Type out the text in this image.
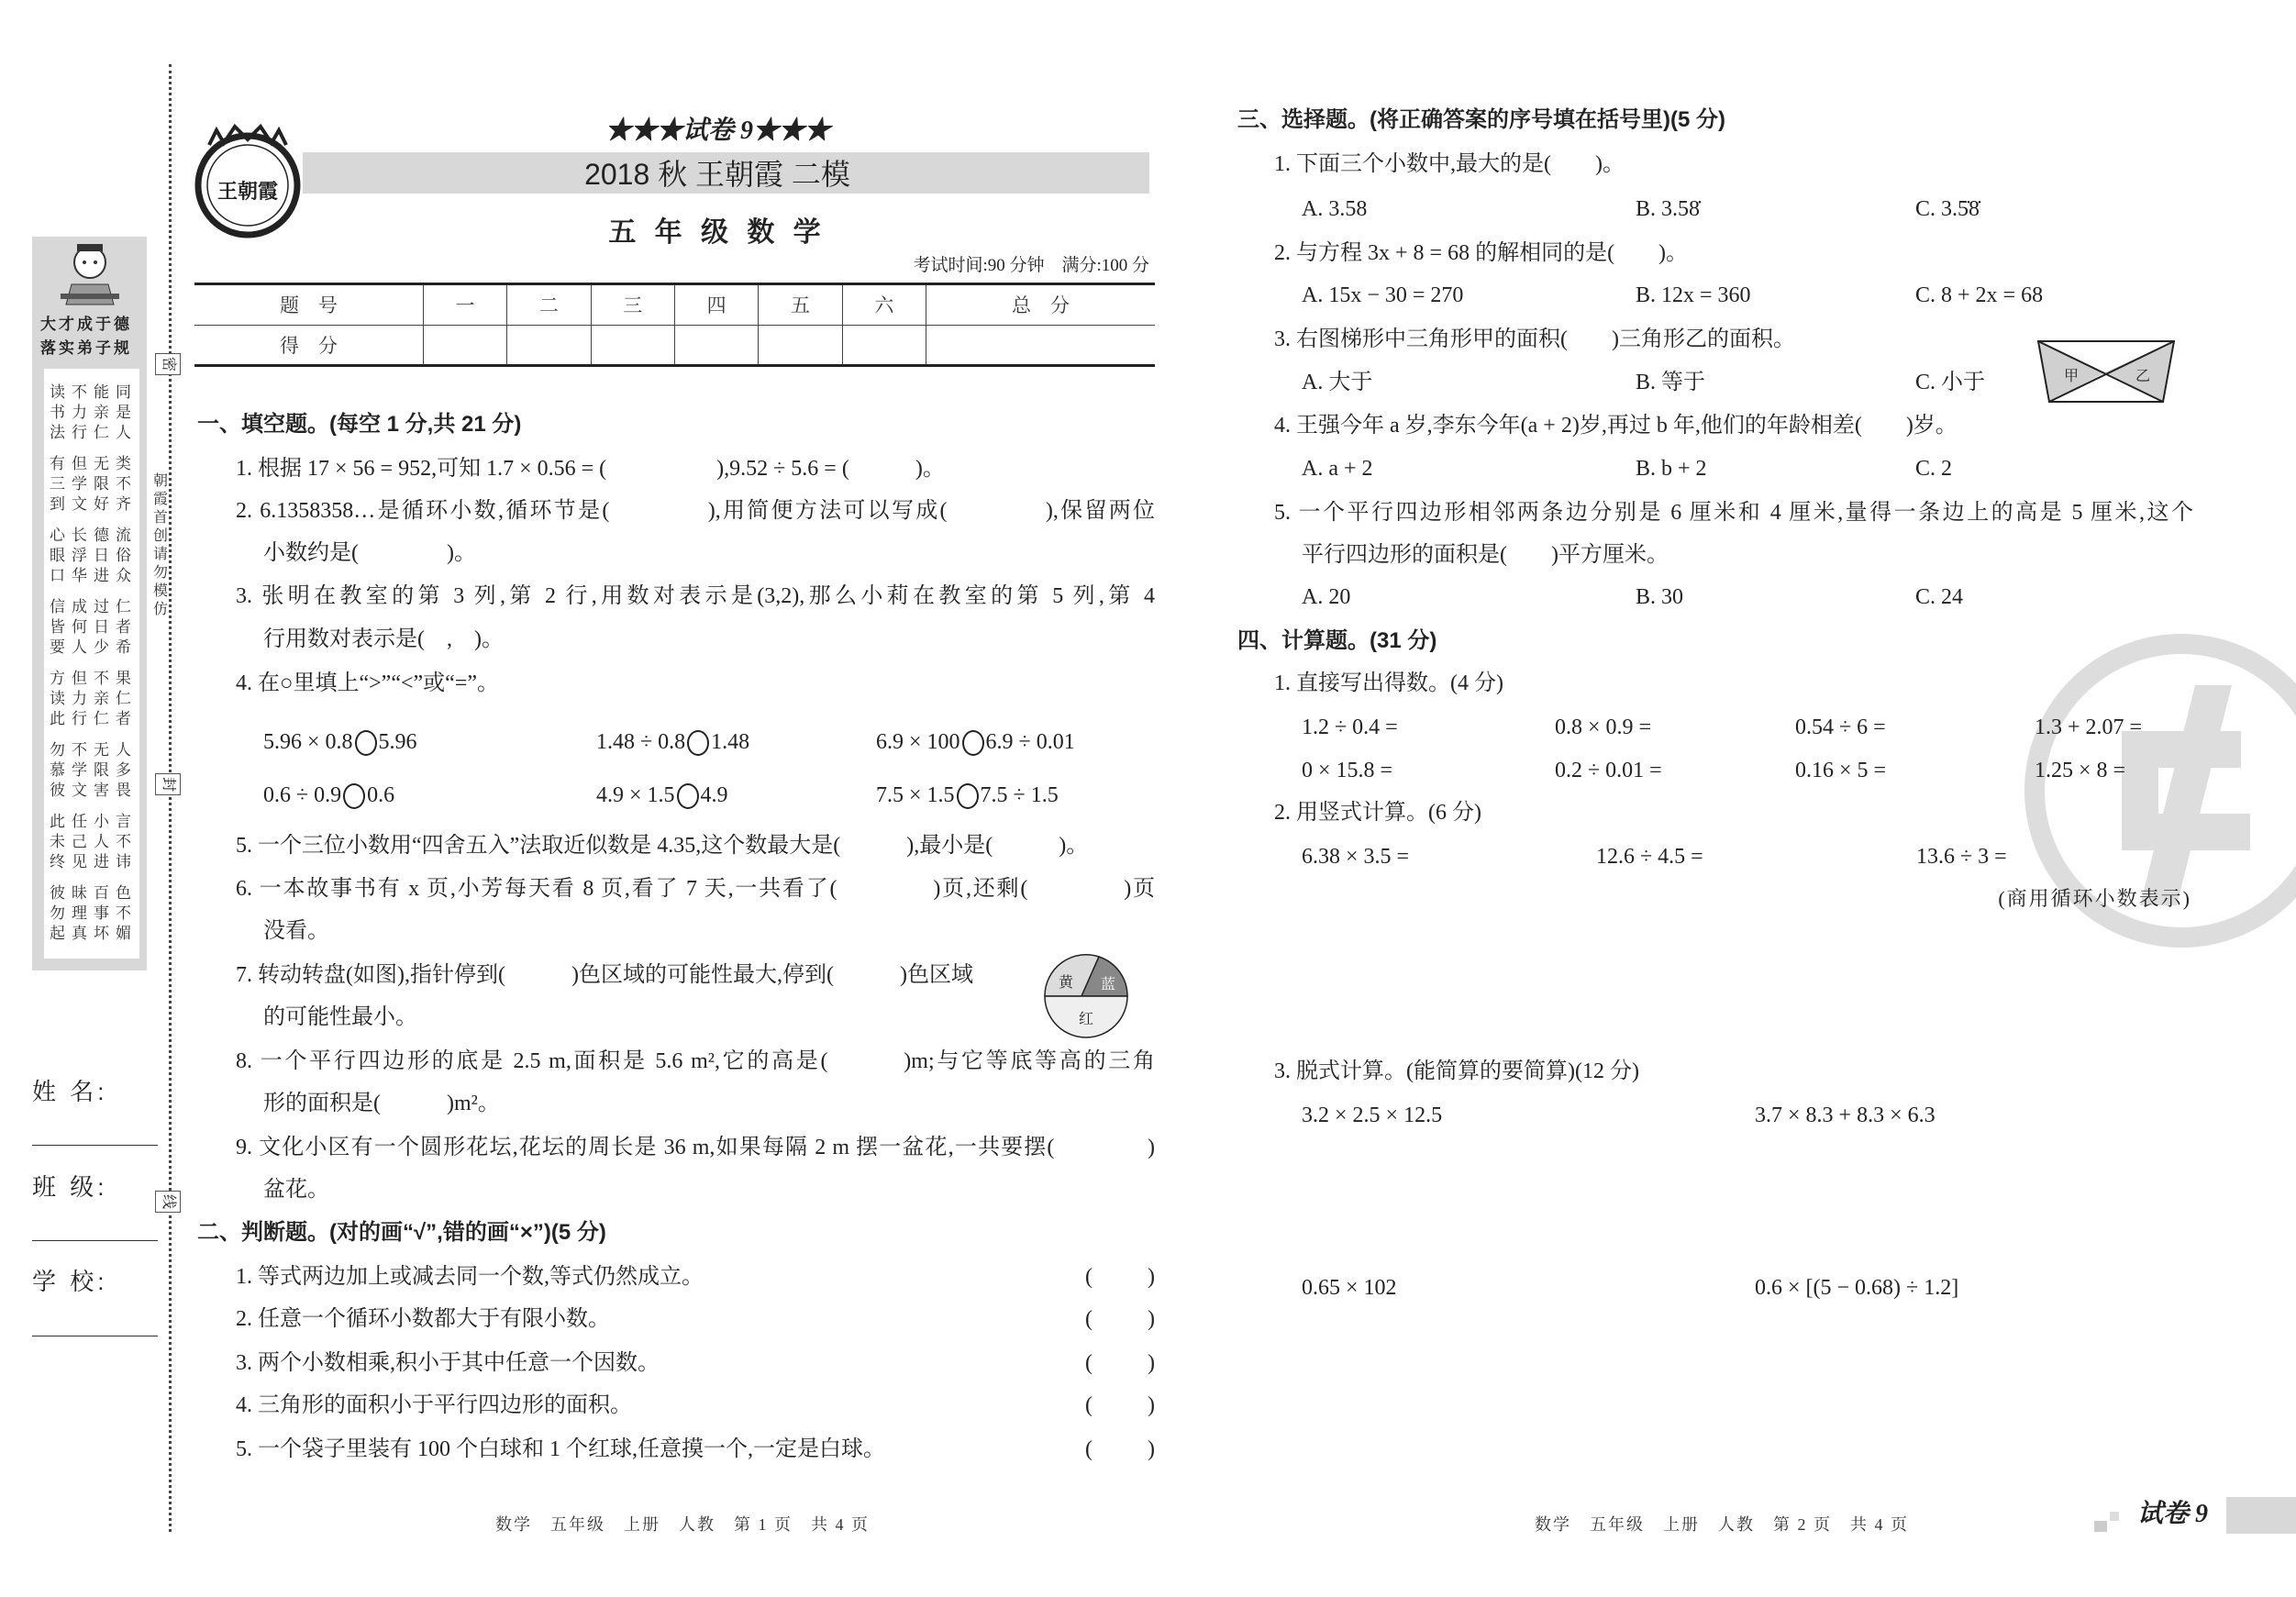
密
封
线
朝霞首创 请勿模仿
大才成于德
落实弟子规
读不能同
书力亲是
法行仁人
有但无类
三学限不
到文好齐
心长德流
眼浮日俗
口华进众
信成过仁
皆何日者
要人少希
方但不果
读力亲仁
此行仁者
勿不无人
慕学限多
彼文害畏
此任小言
未己人不
终见进讳
彼昧百色
勿理事不
起真坏媚
姓 名:
班 级:
学 校:
王朝霞
★★★试卷 9★★★
2018 秋 王朝霞 二模
五 年 级 数 学
考试时间:90 分钟　满分:100 分
题　号	一	二	三	四	五	六	总　分
得　分							
一、填空题。(每空 1 分,共 21 分)
1. 根据 17 × 56 = 952,可知 1.7 × 0.56 = (　　　　　),9.52 ÷ 5.6 = (　　　)。
2. 6.1358358…是循环小数,循环节是(　　　　),用简便方法可以写成(　　　　),保留两位
小数约是(　　　　)。
3. 张明在教室的第 3 列,第 2 行,用数对表示是(3,2),那么小莉在教室的第 5 列,第 4
行用数对表示是(　,　)。
4. 在○里填上“>”“<”或“=”。
5.96 × 0.8 5.96	1.48 ÷ 0.8 1.48	6.9 × 100 6.9 ÷ 0.01
0.6 ÷ 0.9 0.6	4.9 × 1.5 4.9	7.5 × 1.5 7.5 ÷ 1.5
5. 一个三位小数用“四舍五入”法取近似数是 4.35,这个数最大是(　　　),最小是(　　　)。
6. 一本故事书有 x 页,小芳每天看 8 页,看了 7 天,一共看了(　　　　)页,还剩(　　　　)页
没看。
7. 转动转盘(如图),指针停到(　　　)色区域的可能性最大,停到(　　　)色区域
的可能性最小。
黄 蓝
红
8. 一个平行四边形的底是 2.5 m,面积是 5.6 m²,它的高是(　　　)m;与它等底等高的三角
形的面积是(　　　)m²。
9. 文化小区有一个圆形花坛,花坛的周长是 36 m,如果每隔 2 m 摆一盆花,一共要摆(　　　　)
盆花。
二、判断题。(对的画“√”,错的画“×”)(5 分)
1. 等式两边加上或减去同一个数,等式仍然成立。	(	)
2. 任意一个循环小数都大于有限小数。	(	)
3. 两个小数相乘,积小于其中任意一个因数。	(	)
4. 三角形的面积小于平行四边形的面积。	(	)
5. 一个袋子里装有 100 个白球和 1 个红球,任意摸一个,一定是白球。	(	)
数学　五年级　上册　人教　第 1 页　共 4 页
三、选择题。(将正确答案的序号填在括号里)(5 分)
1. 下面三个小数中,最大的是(　　)。
A. 3.58	B. 3.58̇	C. 3.5̇8̇
2. 与方程 3x + 8 = 68 的解相同的是(　　)。
A. 15x − 30 = 270	B. 12x = 360	C. 8 + 2x = 68
3. 右图梯形中三角形甲的面积(　　)三角形乙的面积。
A. 大于	B. 等于	C. 小于	甲	乙
4. 王强今年 a 岁,李东今年(a + 2)岁,再过 b 年,他们的年龄相差(　　)岁。
A. a + 2	B. b + 2	C. 2
5. 一个平行四边形相邻两条边分别是 6 厘米和 4 厘米,量得一条边上的高是 5 厘米,这个
平行四边形的面积是(　　)平方厘米。
A. 20	B. 30	C. 24
四、计算题。(31 分)
1. 直接写出得数。(4 分)
1.2 ÷ 0.4 =	0.8 × 0.9 =	0.54 ÷ 6 =	1.3 + 2.07 =
0 × 15.8 =	0.2 ÷ 0.01 =	0.16 × 5 =	1.25 × 8 =
2. 用竖式计算。(6 分)
6.38 × 3.5 =	12.6 ÷ 4.5 =	13.6 ÷ 3 =
(商用循环小数表示)
3. 脱式计算。(能简算的要简算)(12 分)
3.2 × 2.5 × 12.5	3.7 × 8.3 + 8.3 × 6.3
0.65 × 102	0.6 × [(5 − 0.68) ÷ 1.2]
数学　五年级　上册　人教　第 2 页　共 4 页	试卷 9
